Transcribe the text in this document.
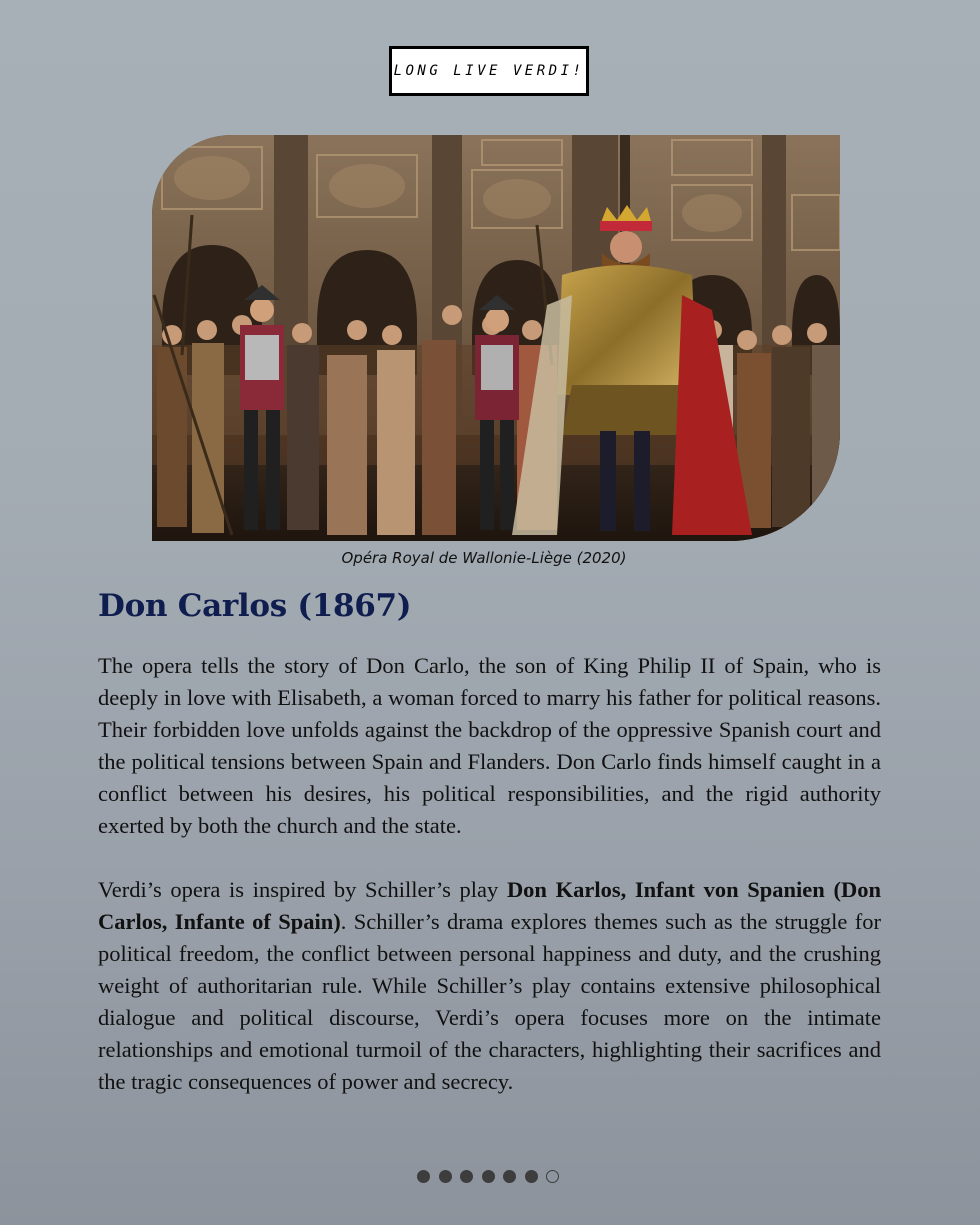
LONG LIVE VERDI!
Opéra Royal de Wallonie-Liège (2020)
Don Carlos (1867)

The opera tells the story of Don Carlo, the son of King Philip II of Spain, who is deeply in love with Elisabeth, a woman forced to marry his father for political reasons. Their forbidden love unfolds against the backdrop of the oppressive Spanish court and the political tensions between Spain and Flanders. Don Carlo finds himself caught in a conflict between his desires, his political responsibilities, and the rigid authority exerted by both the church and the state.

Verdi’s opera is inspired by Schiller’s play Don Karlos, Infant von Spanien (Don Carlos, Infante of Spain). Schiller’s drama explores themes such as the struggle for political freedom, the conflict between personal happiness and duty, and the crushing weight of authoritarian rule. While Schiller’s play contains extensive philosophical dialogue and political discourse, Verdi’s opera focuses more on the intimate relationships and emotional turmoil of the characters, highlighting their sacrifices and the tragic consequences of power and secrecy.
